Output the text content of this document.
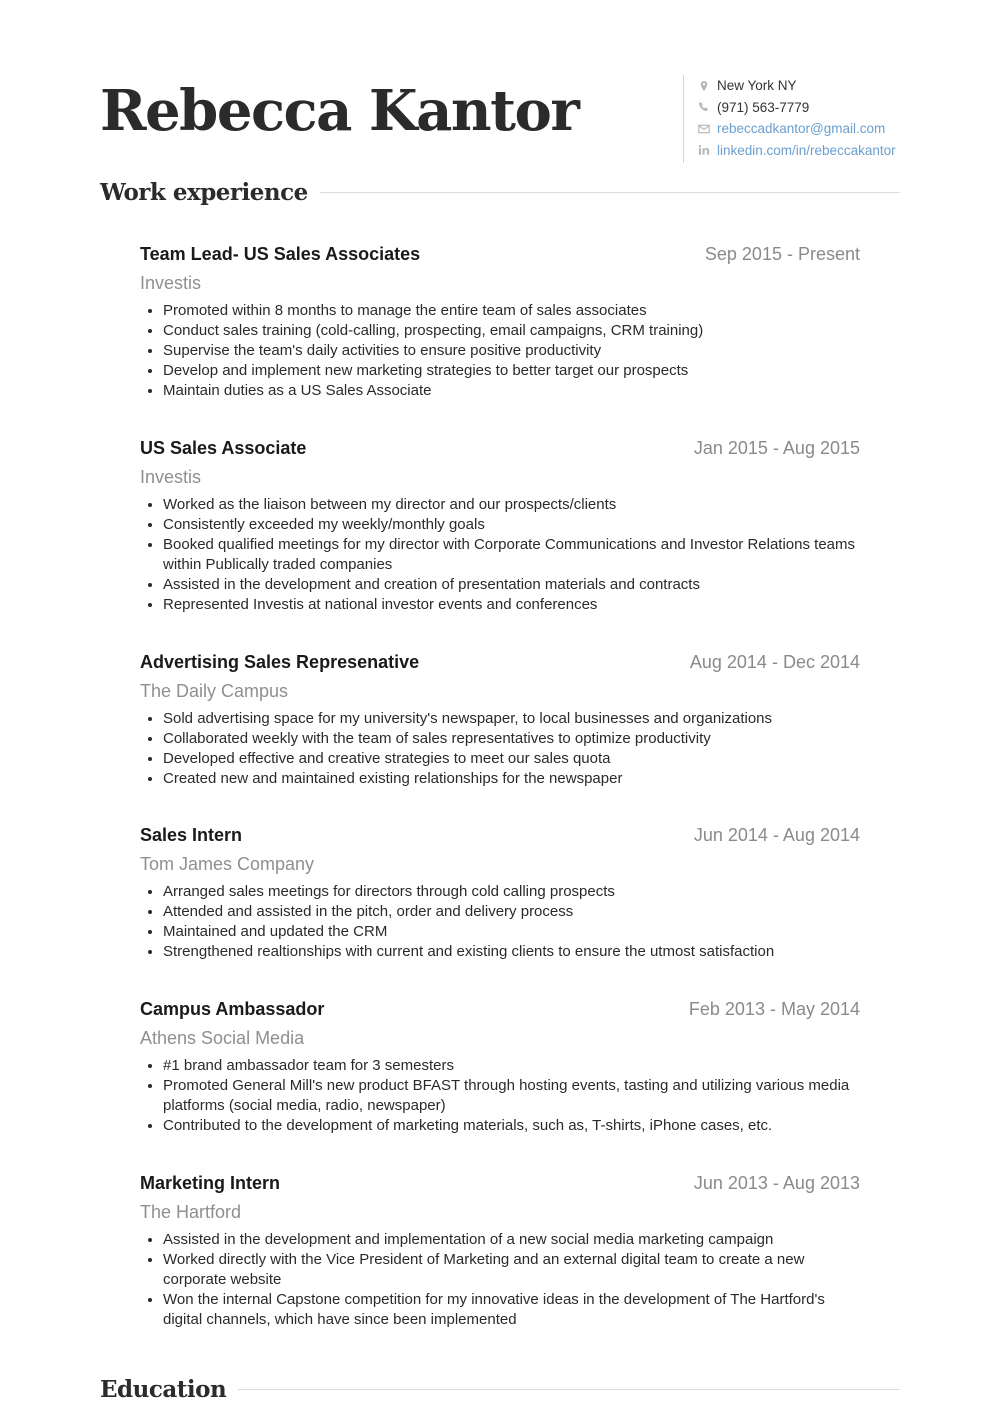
Rebecca Kantor	New York NY
(971) 563-7779
rebeccadkantor@gmail.com
linkedin.com/in/rebeccakantor
Work experience
Team Lead- US Sales Associates	Sep 2015 - Present
Investis
• Promoted within 8 months to manage the entire team of sales associates
• Conduct sales training (cold-calling, prospecting, email campaigns, CRM training)
• Supervise the team's daily activities to ensure positive productivity
• Develop and implement new marketing strategies to better target our prospects
• Maintain duties as a US Sales Associate
US Sales Associate	Jan 2015 - Aug 2015
Investis
• Worked as the liaison between my director and our prospects/clients
• Consistently exceeded my weekly/monthly goals
• Booked qualified meetings for my director with Corporate Communications and Investor Relations teams within Publically traded companies
• Assisted in the development and creation of presentation materials and contracts
• Represented Investis at national investor events and conferences
Advertising Sales Represenative	Aug 2014 - Dec 2014
The Daily Campus
• Sold advertising space for my university's newspaper, to local businesses and organizations
• Collaborated weekly with the team of sales representatives to optimize productivity
• Developed effective and creative strategies to meet our sales quota
• Created new and maintained existing relationships for the newspaper
Sales Intern	Jun 2014 - Aug 2014
Tom James Company
• Arranged sales meetings for directors through cold calling prospects
• Attended and assisted in the pitch, order and delivery process
• Maintained and updated the CRM
• Strengthened realtionships with current and existing clients to ensure the utmost satisfaction
Campus Ambassador	Feb 2013 - May 2014
Athens Social Media
• #1 brand ambassador team for 3 semesters
• Promoted General Mill's new product BFAST through hosting events, tasting and utilizing various media platforms (social media, radio, newspaper)
• Contributed to the development of marketing materials, such as, T-shirts, iPhone cases, etc.
Marketing Intern	Jun 2013 - Aug 2013
The Hartford
• Assisted in the development and implementation of a new social media marketing campaign
• Worked directly with the Vice President of Marketing and an external digital team to create a new corporate website
• Won the internal Capstone competition for my innovative ideas in the development of The Hartford's digital channels, which have since been implemented
Education
